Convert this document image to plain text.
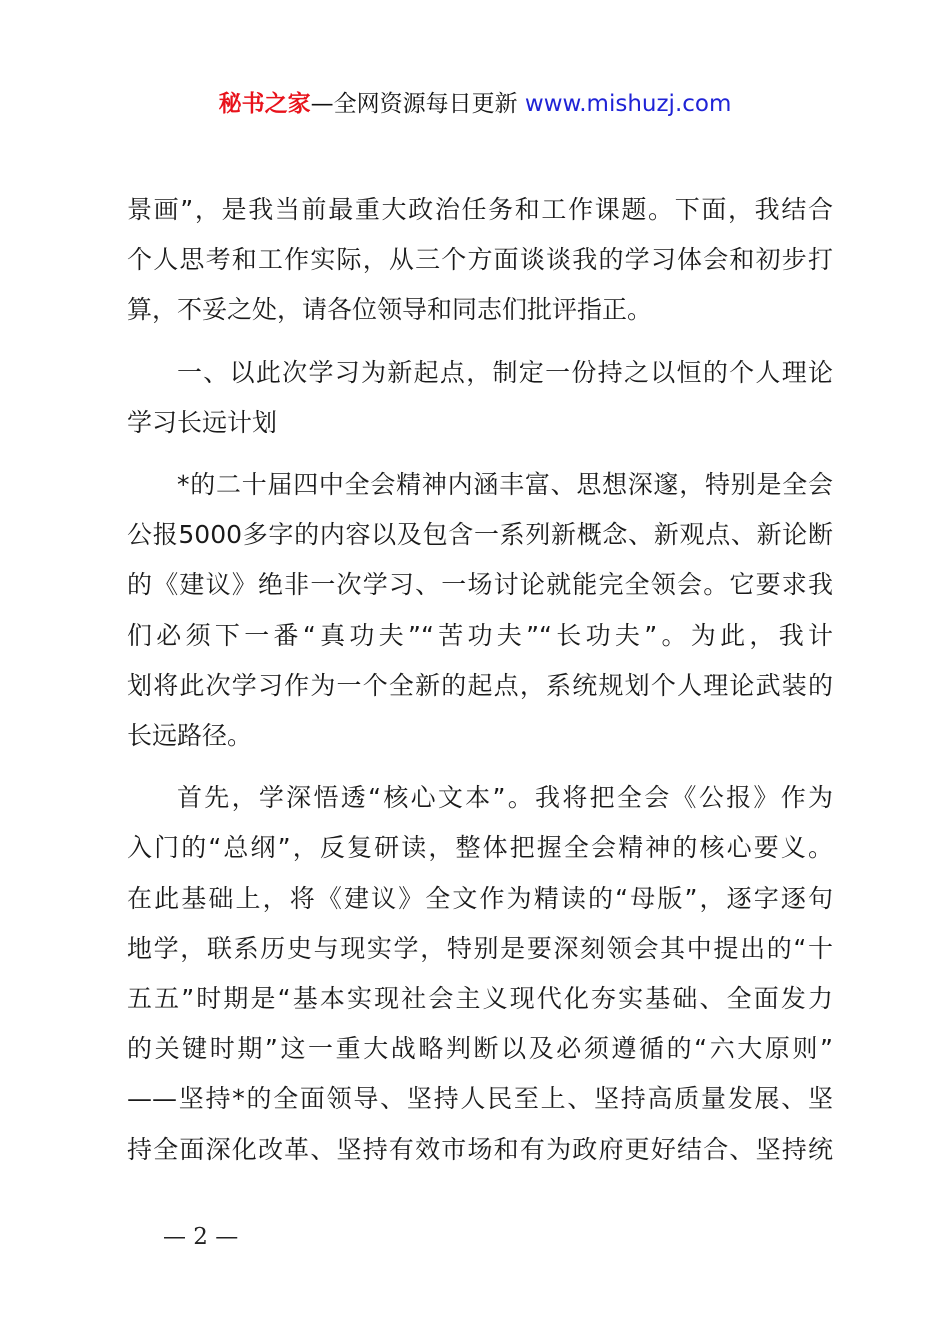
秘书之家—全网资源每日更新 www.mishuzj.com
景画”，是我当前最重大政治任务和工作课题。下面，我结合
个人思考和工作实际，从三个方面谈谈我的学习体会和初步打
算，不妥之处，请各位领导和同志们批评指正。
一、以此次学习为新起点，制定一份持之以恒的个人理论
学习长远计划
*的二十届四中全会精神内涵丰富、思想深邃，特别是全会
公报5000多字的内容以及包含一系列新概念、新观点、新论断
的《建议》绝非一次学习、一场讨论就能完全领会。它要求我
们必须下一番“真功夫”“苦功夫”“长功夫”。为此，我计
划将此次学习作为一个全新的起点，系统规划个人理论武装的
长远路径。
首先，学深悟透“核心文本”。我将把全会《公报》作为
入门的“总纲”，反复研读，整体把握全会精神的核心要义。
在此基础上，将《建议》全文作为精读的“母版”，逐字逐句
地学，联系历史与现实学，特别是要深刻领会其中提出的“十
五五”时期是“基本实现社会主义现代化夯实基础、全面发力
的关键时期”这一重大战略判断以及必须遵循的“六大原则”
——坚持*的全面领导、坚持人民至上、坚持高质量发展、坚
持全面深化改革、坚持有效市场和有为政府更好结合、坚持统
— 2 —
